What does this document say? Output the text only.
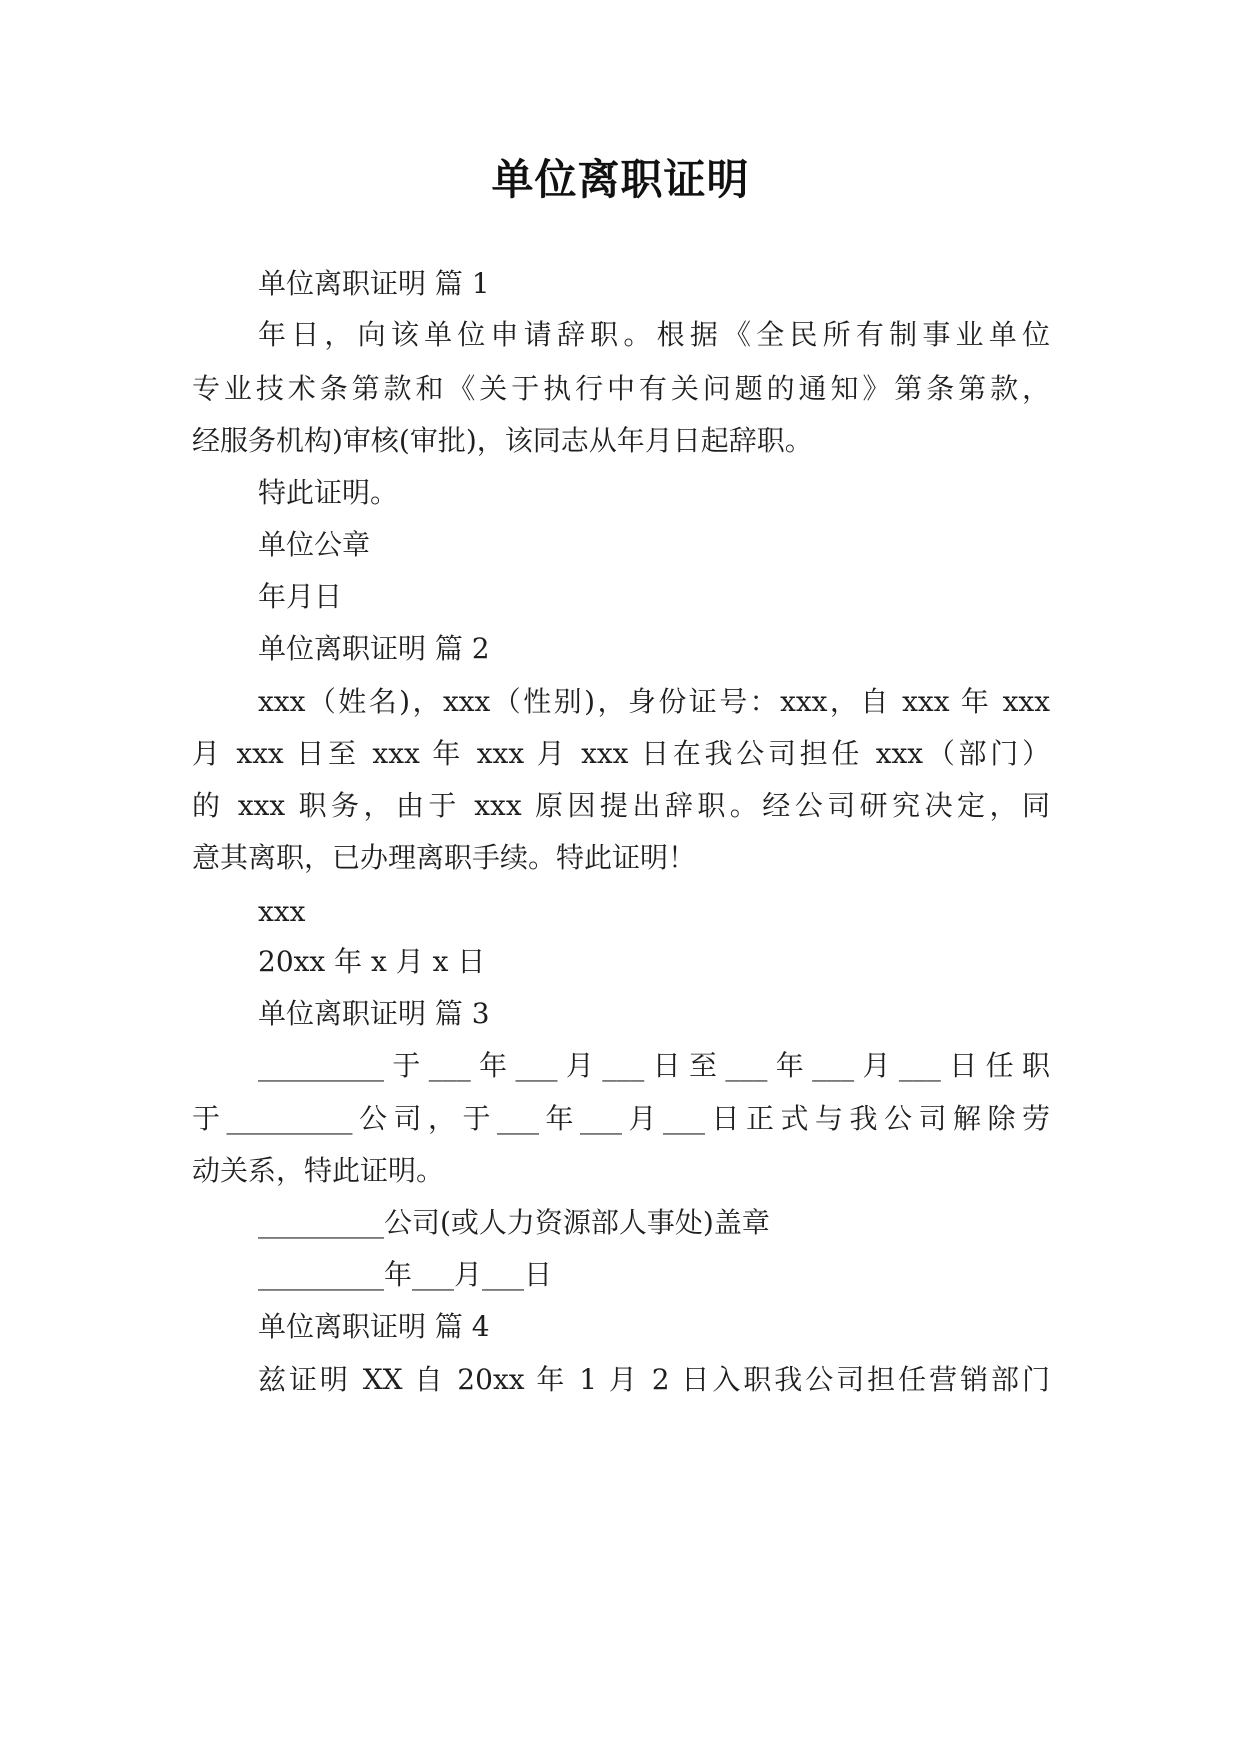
单位离职证明
单位离职证明 篇 1
年日，向该单位申请辞职。根据《全民所有制事业单位
专业技术条第款和《关于执行中有关问题的通知》第条第款，
经服务机构)审核(审批)，该同志从年月日起辞职。
特此证明。
单位公章
年月日
单位离职证明 篇 2
xxx（姓名)，xxx（性别)，身份证号：xxx，自 xxx 年 xxx
月 xxx 日至 xxx 年 xxx 月 xxx 日在我公司担任 xxx（部门）
的 xxx 职务，由于 xxx 原因提出辞职。经公司研究决定，同
意其离职，已办理离职手续。特此证明！
xxx
20xx 年 x 月 x 日
单位离职证明 篇 3
_________于___年___月___日至___年___月___日任职
于_________公司，于___年___月___日正式与我公司解除劳
动关系，特此证明。
_________公司(或人力资源部人事处)盖章
_________年___月___日
单位离职证明 篇 4
兹证明 XX 自 20xx 年 1 月 2 日入职我公司担任营销部门
